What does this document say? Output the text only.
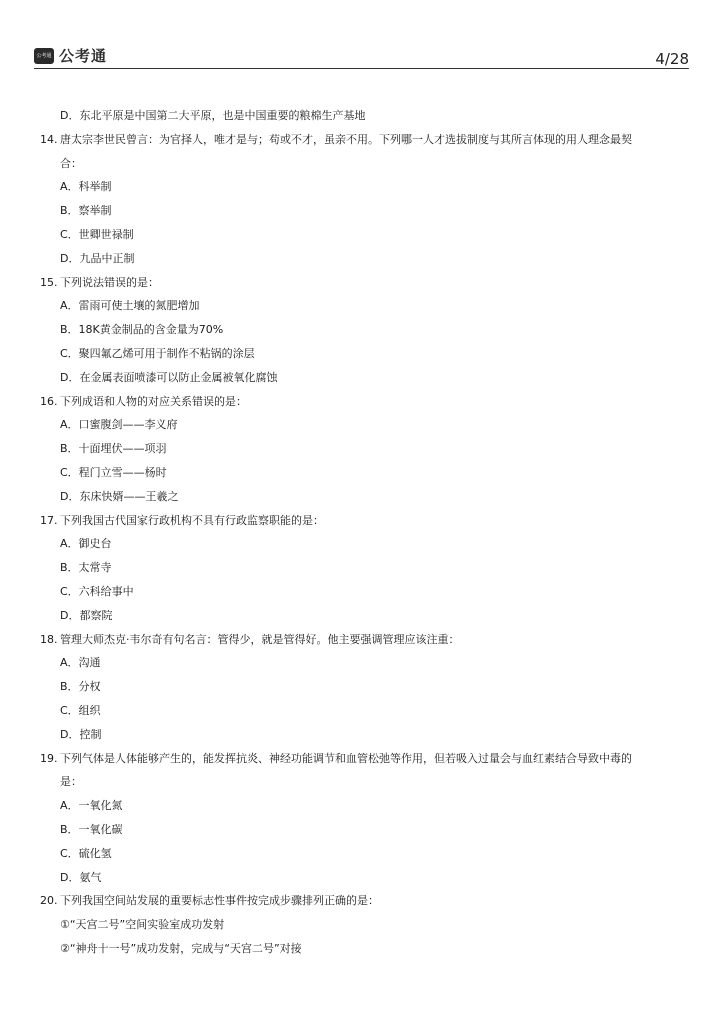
公考通 公考通	4/28
D．东北平原是中国第二大平原，也是中国重要的粮棉生产基地
14. 唐太宗李世民曾言：为官择人，唯才是与；苟或不才，虽亲不用。下列哪一人才选拔制度与其所言体现的用人理念最契
合：
A．科举制
B．察举制
C．世卿世禄制
D．九品中正制
15. 下列说法错误的是：
A．雷雨可使土壤的氮肥增加
B．18K黄金制品的含金量为70%
C．聚四氟乙烯可用于制作不粘锅的涂层
D．在金属表面喷漆可以防止金属被氧化腐蚀
16. 下列成语和人物的对应关系错误的是：
A．口蜜腹剑——李义府
B．十面埋伏——项羽
C．程门立雪——杨时
D．东床快婿——王羲之
17. 下列我国古代国家行政机构不具有行政监察职能的是：
A．御史台
B．太常寺
C．六科给事中
D．都察院
18. 管理大师杰克·韦尔奇有句名言：管得少，就是管得好。他主要强调管理应该注重：
A．沟通
B．分权
C．组织
D．控制
19. 下列气体是人体能够产生的，能发挥抗炎、神经功能调节和血管松弛等作用，但若吸入过量会与血红素结合导致中毒的
是：
A．一氧化氮
B．一氧化碳
C．硫化氢
D．氨气
20. 下列我国空间站发展的重要标志性事件按完成步骤排列正确的是：
①“天宫二号”空间实验室成功发射
②“神舟十一号”成功发射，完成与“天宫二号”对接
